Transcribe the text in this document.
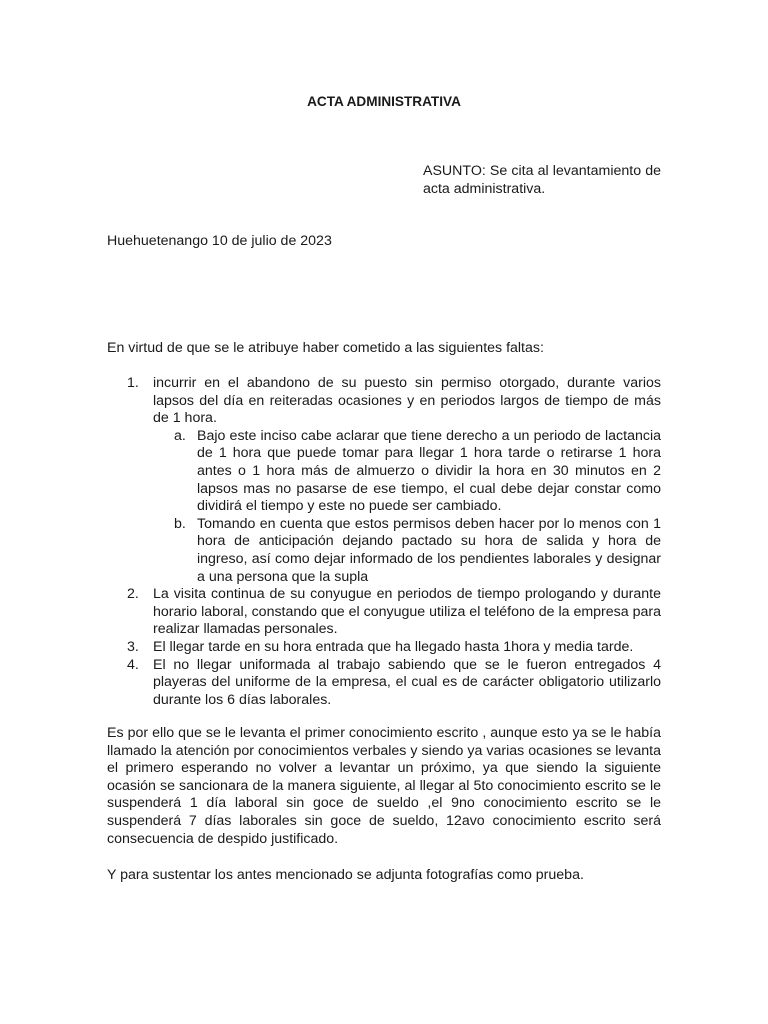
ACTA ADMINISTRATIVA
ASUNTO: Se cita al levantamiento de acta administrativa.
Huehuetenango 10 de julio de 2023
En virtud de que se le atribuye haber cometido a las siguientes faltas:
1. incurrir en el abandono de su puesto sin permiso otorgado, durante varios lapsos del día en reiteradas ocasiones y en periodos largos de tiempo de más de 1 hora.
a. Bajo este inciso cabe aclarar que tiene derecho a un periodo de lactancia de 1 hora que puede tomar para llegar 1 hora tarde o retirarse 1 hora antes o 1 hora más de almuerzo o dividir la hora en 30 minutos en 2 lapsos mas no pasarse de ese tiempo, el cual debe dejar constar como dividirá el tiempo y este no puede ser cambiado.
b. Tomando en cuenta que estos permisos deben hacer por lo menos con 1 hora de anticipación dejando pactado su hora de salida y hora de ingreso, así como dejar informado de los pendientes laborales y designar a una persona que la supla
2. La visita continua de su conyugue en periodos de tiempo prologando y durante horario laboral, constando que el conyugue utiliza el teléfono de la empresa para realizar llamadas personales.
3. El llegar tarde en su hora entrada que ha llegado hasta 1hora y media tarde.
4. El no llegar uniformada al trabajo sabiendo que se le fueron entregados 4 playeras del uniforme de la empresa, el cual es de carácter obligatorio utilizarlo durante los 6 días laborales.
Es por ello que se le levanta el primer conocimiento escrito , aunque esto ya se le había llamado la atención por conocimientos verbales y siendo ya varias ocasiones se levanta el primero esperando no volver a levantar un próximo, ya que siendo la siguiente ocasión se sancionara de la manera siguiente, al llegar al 5to conocimiento escrito se le suspenderá 1 día laboral sin goce de sueldo ,el 9no conocimiento escrito se le suspenderá 7 días laborales sin goce de sueldo, 12avo conocimiento escrito será consecuencia de despido justificado.
Y para sustentar los antes mencionado se adjunta fotografías como prueba.
